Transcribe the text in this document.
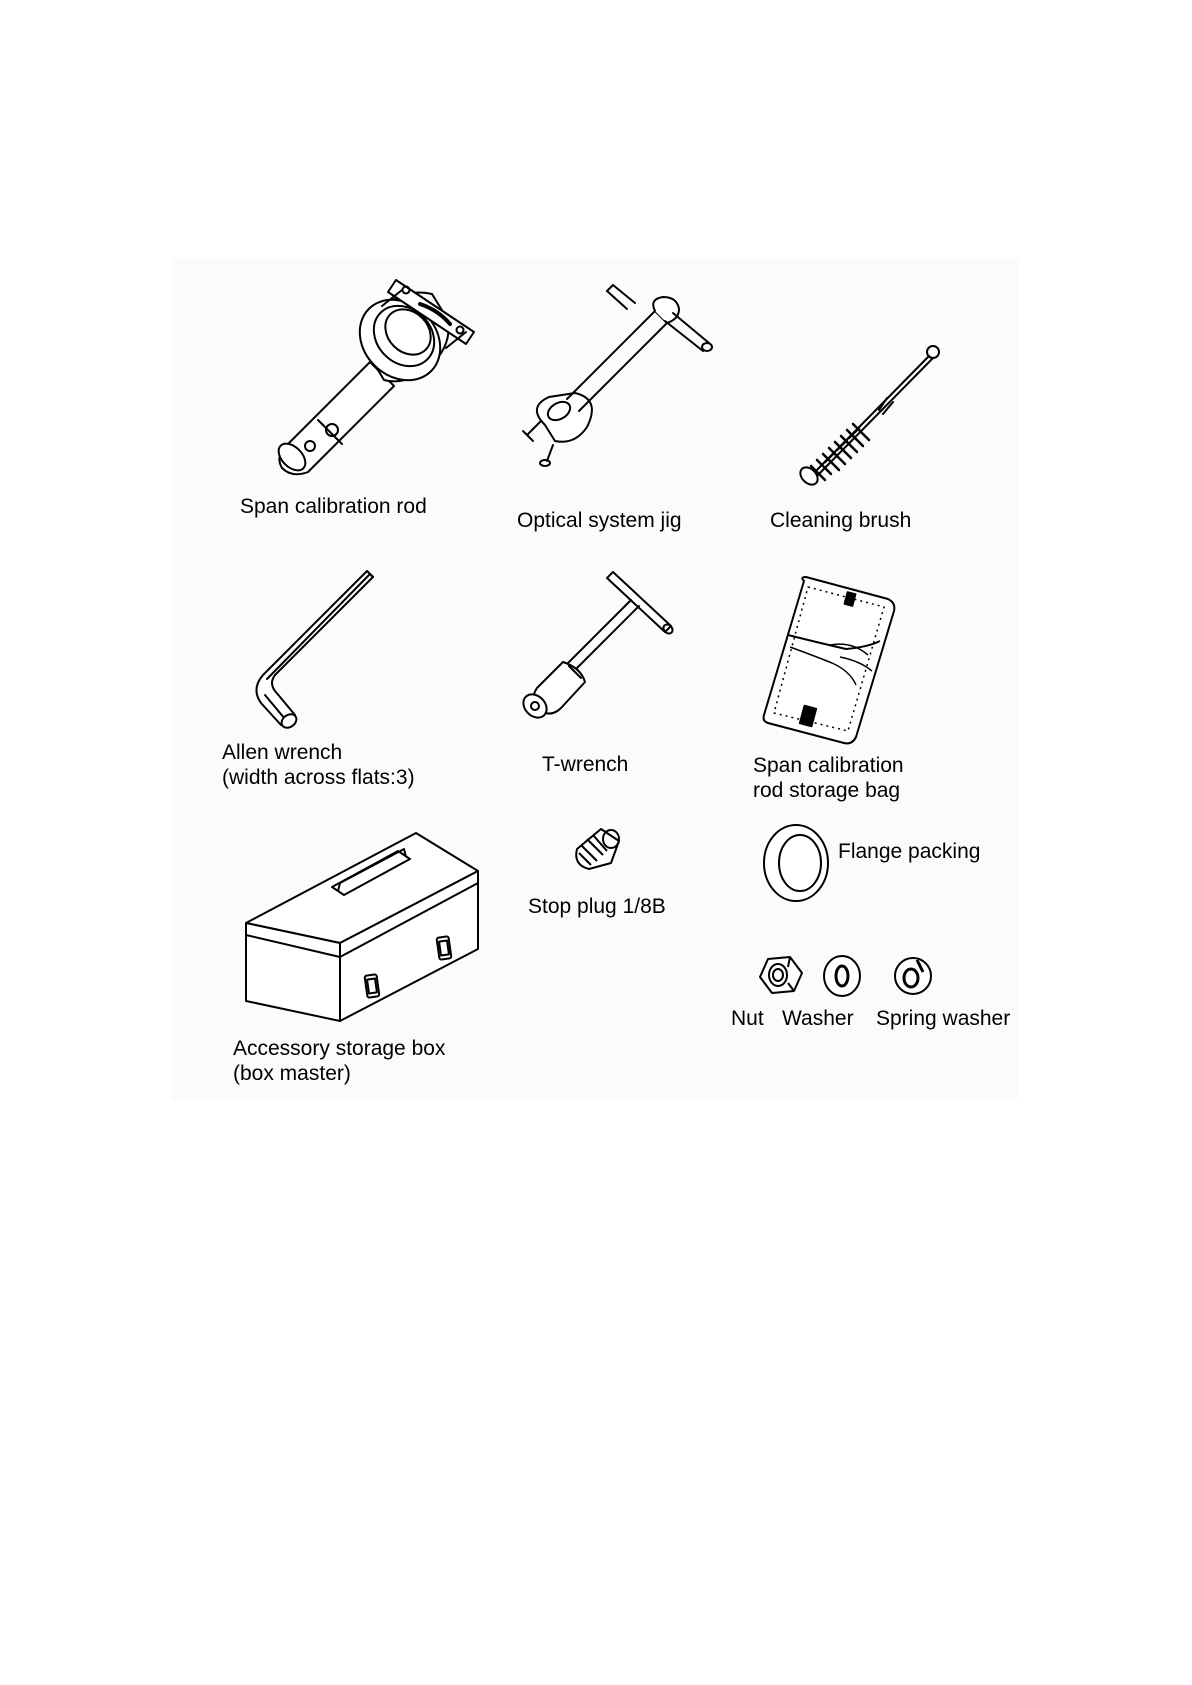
Span calibration rod
Optical system jig	Cleaning brush
Allen wrench
(width across flats:3)
T-wrench	Span calibration
rod storage bag
Stop plug 1/8B
Flange packing
Nut Washer Spring washer
Accessory storage box
(box master)
